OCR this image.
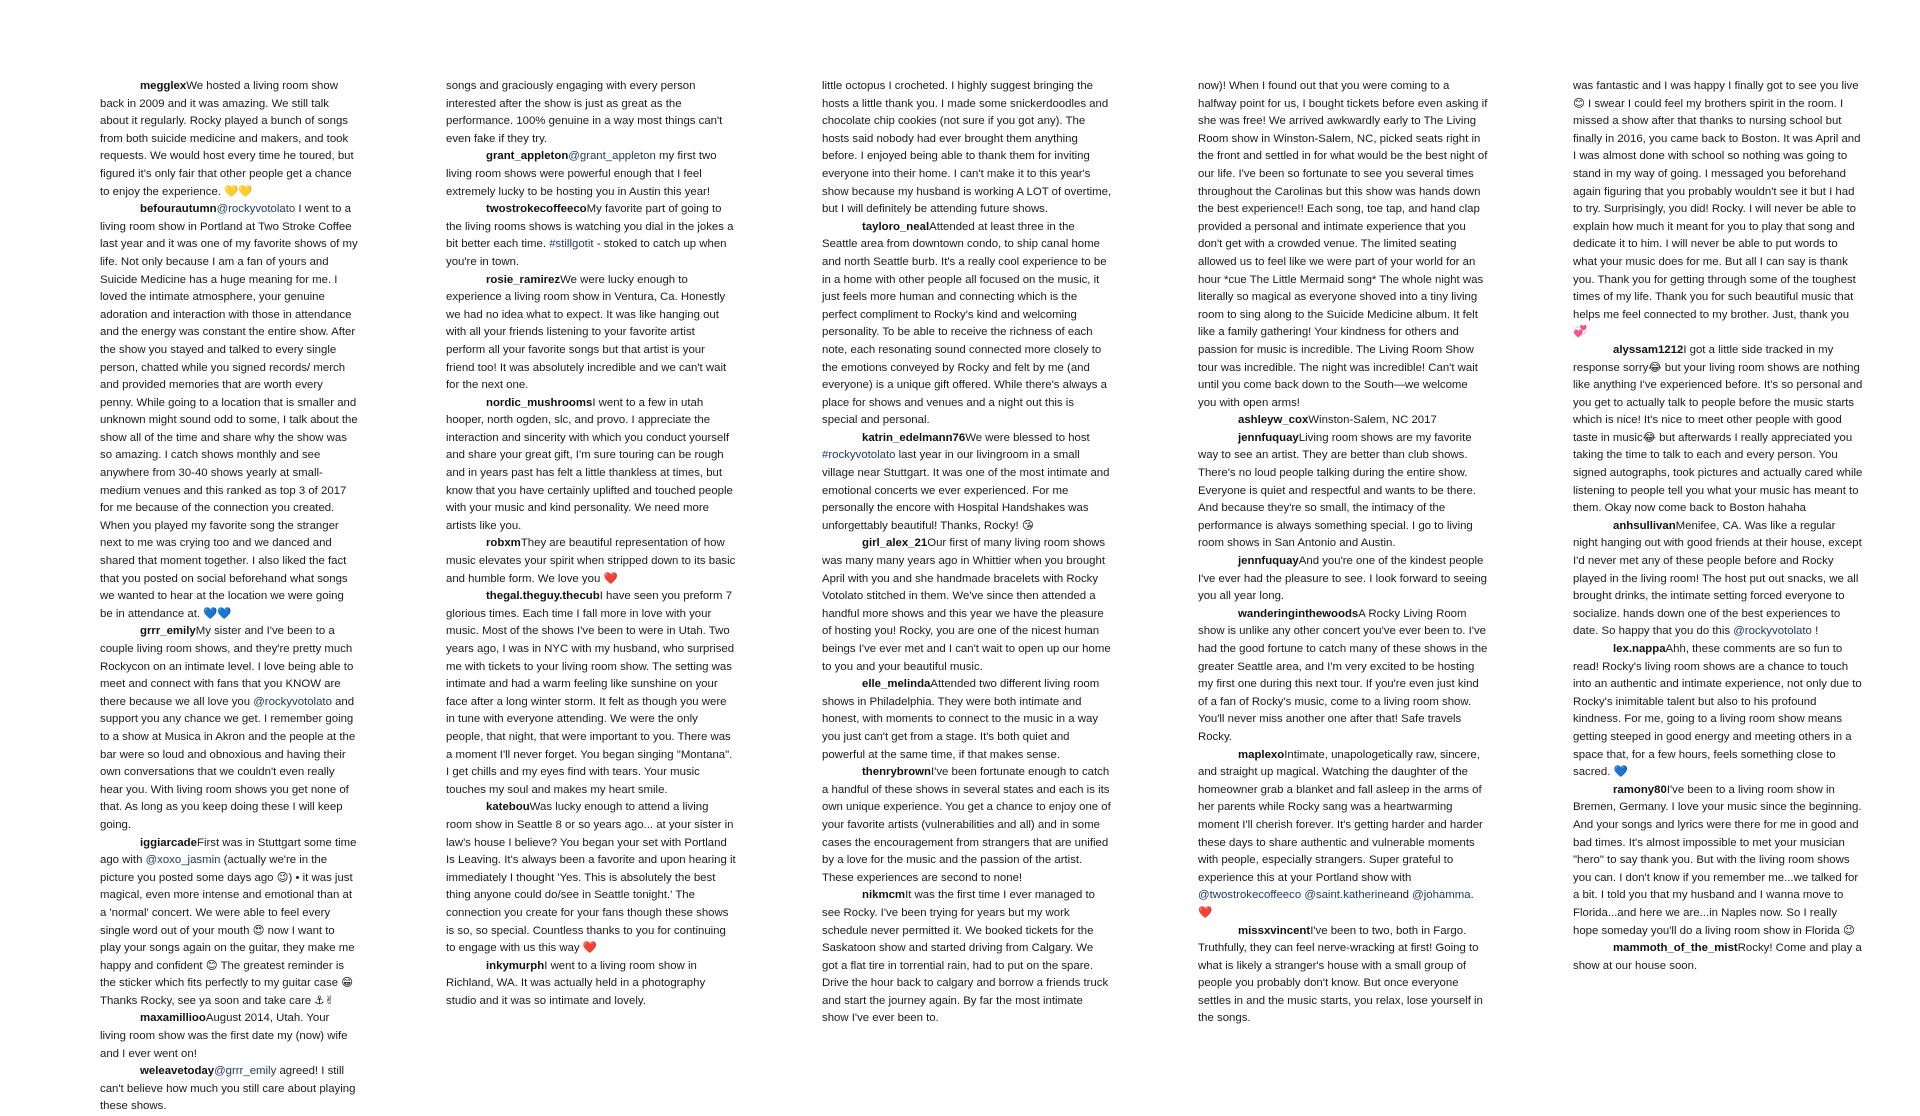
megglexWe hosted a living room show back in 2009 and it was amazing. We still talk about it regularly. Rocky played a bunch of songs from both suicide medicine and makers, and took requests. We would host every time he toured, but figured it's only fair that other people get a chance to enjoy the experience. 💛💛

befourautumn@rockyvotolato I went to a living room show in Portland at Two Stroke Coffee last year and it was one of my favorite shows of my life. Not only because I am a fan of yours and Suicide Medicine has a huge meaning for me. I loved the intimate atmosphere, your genuine adoration and interaction with those in attendance and the energy was constant the entire show. After the show you stayed and talked to every single person, chatted while you signed records/ merch and provided memories that are worth every penny. While going to a location that is smaller and unknown might sound odd to some, I talk about the show all of the time and share why the show was so amazing. I catch shows monthly and see anywhere from 30-40 shows yearly at small-medium venues and this ranked as top 3 of 2017 for me because of the connection you created. When you played my favorite song the stranger next to me was crying too and we danced and shared that moment together. I also liked the fact that you posted on social beforehand what songs we wanted to hear at the location we were going be in attendance at. 💙💙

grrr_emilyMy sister and I've been to a couple living room shows, and they're pretty much Rockycon on an intimate level. I love being able to meet and connect with fans that you KNOW are there because we all love you @rockyvotolato and support you any chance we get. I remember going to a show at Musica in Akron and the people at the bar were so loud and obnoxious and having their own conversations that we couldn't even really hear you. With living room shows you get none of that. As long as you keep doing these I will keep going.

iggiarcadeFirst was in Stuttgart some time ago with @xoxo_jasmin (actually we're in the picture you posted some days ago 😉) • it was just magical, even more intense and emotional than at a 'normal' concert. We were able to feel every single word out of your mouth 😍 now I want to play your songs again on the guitar, they make me happy and confident 😊 The greatest reminder is the sticker which fits perfectly to my guitar case 😁 Thanks Rocky, see ya soon and take care ⚓✌

maxamilliooAugust 2014, Utah. Your living room show was the first date my (now) wife and I ever went on!

weleavetoday@grrr_emily agreed! I still can't believe how much you still care about playing these shows.

songs and graciously engaging with every person interested after the show is just as great as the performance. 100% genuine in a way most things can't even fake if they try.

grant_appleton@grant_appleton my first two living room shows were powerful enough that I feel extremely lucky to be hosting you in Austin this year!

twostrokecoffeecoMy favorite part of going to the living rooms shows is watching you dial in the jokes a bit better each time. #stillgotit - stoked to catch up when you're in town.

rosie_ramirezWe were lucky enough to experience a living room show in Ventura, Ca. Honestly we had no idea what to expect. It was like hanging out with all your friends listening to your favorite artist perform all your favorite songs but that artist is your friend too! It was absolutely incredible and we can't wait for the next one.

nordic_mushroomsI went to a few in utah hooper, north ogden, slc, and provo. I appreciate the interaction and sincerity with which you conduct yourself and share your great gift, I'm sure touring can be rough and in years past has felt a little thankless at times, but know that you have certainly uplifted and touched people with your music and kind personality. We need more artists like you.

robxmThey are beautiful representation of how music elevates your spirit when stripped down to its basic and humble form. We love you ❤️

thegal.theguy.thecubI have seen you preform 7 glorious times. Each time I fall more in love with your music. Most of the shows I've been to were in Utah. Two years ago, I was in NYC with my husband, who surprised me with tickets to your living room show. The setting was intimate and had a warm feeling like sunshine on your face after a long winter storm. It felt as though you were in tune with everyone attending. We were the only people, that night, that were important to you. There was a moment I'll never forget. You began singing "Montana". I get chills and my eyes find with tears. Your music touches my soul and makes my heart smile.

katebouWas lucky enough to attend a living room show in Seattle 8 or so years ago... at your sister in law's house I believe? You began your set with Portland Is Leaving. It's always been a favorite and upon hearing it immediately I thought 'Yes. This is absolutely the best thing anyone could do/see in Seattle tonight.' The connection you create for your fans though these shows is so, so special. Countless thanks to you for continuing to engage with us this way ❤️

inkymurphI went to a living room show in Richland, WA. It was actually held in a photography studio and it was so intimate and lovely.

little octopus I crocheted. I highly suggest bringing the hosts a little thank you. I made some snickerdoodles and chocolate chip cookies (not sure if you got any). The hosts said nobody had ever brought them anything before. I enjoyed being able to thank them for inviting everyone into their home. I can't make it to this year's show because my husband is working A LOT of overtime, but I will definitely be attending future shows.

tayloro_nealAttended at least three in the Seattle area from downtown condo, to ship canal home and north Seattle burb. It's a really cool experience to be in a home with other people all focused on the music, it just feels more human and connecting which is the perfect compliment to Rocky's kind and welcoming personality. To be able to receive the richness of each note, each resonating sound connected more closely to the emotions conveyed by Rocky and felt by me (and everyone) is a unique gift offered. While there's always a place for shows and venues and a night out this is special and personal.

katrin_edelmann76We were blessed to host #rockyvotolato last year in our livingroom in a small village near Stuttgart. It was one of the most intimate and emotional concerts we ever experienced. For me personally the encore with Hospital Handshakes was unforgettably beautiful! Thanks, Rocky! 😘

girl_alex_21Our first of many living room shows was many many years ago in Whittier when you brought April with you and she handmade bracelets with Rocky Votolato stitched in them. We've since then attended a handful more shows and this year we have the pleasure of hosting you! Rocky, you are one of the nicest human beings I've ever met and I can't wait to open up our home to you and your beautiful music.

elle_melindaAttended two different living room shows in Philadelphia. They were both intimate and honest, with moments to connect to the music in a way you just can't get from a stage. It's both quiet and powerful at the same time, if that makes sense.

thenrybrownI've been fortunate enough to catch a handful of these shows in several states and each is its own unique experience. You get a chance to enjoy one of your favorite artists (vulnerabilities and all) and in some cases the encouragement from strangers that are unified by a love for the music and the passion of the artist. These experiences are second to none!

nikmcmIt was the first time I ever managed to see Rocky. I've been trying for years but my work schedule never permitted it. We booked tickets for the Saskatoon show and started driving from Calgary. We got a flat tire in torrential rain, had to put on the spare. Drive the hour back to calgary and borrow a friends truck and start the journey again. By far the most intimate show I've ever been to.

now)! When I found out that you were coming to a halfway point for us, I bought tickets before even asking if she was free! We arrived awkwardly early to The Living Room show in Winston-Salem, NC, picked seats right in the front and settled in for what would be the best night of our life. I've been so fortunate to see you several times throughout the Carolinas but this show was hands down the best experience!! Each song, toe tap, and hand clap provided a personal and intimate experience that you don't get with a crowded venue. The limited seating allowed us to feel like we were part of your world for an hour *cue The Little Mermaid song* The whole night was literally so magical as everyone shoved into a tiny living room to sing along to the Suicide Medicine album. It felt like a family gathering! Your kindness for others and passion for music is incredible. The Living Room Show tour was incredible. The night was incredible! Can't wait until you come back down to the South—we welcome you with open arms!

ashleyw_coxWinston-Salem, NC 2017

jennfuquayLiving room shows are my favorite way to see an artist. They are better than club shows. There's no loud people talking during the entire show. Everyone is quiet and respectful and wants to be there. And because they're so small, the intimacy of the performance is always something special. I go to living room shows in San Antonio and Austin.

jennfuquayAnd you're one of the kindest people I've ever had the pleasure to see. I look forward to seeing you all year long.

wanderinginthewoodsA Rocky Living Room show is unlike any other concert you've ever been to. I've had the good fortune to catch many of these shows in the greater Seattle area, and I'm very excited to be hosting my first one during this next tour. If you're even just kind of a fan of Rocky's music, come to a living room show. You'll never miss another one after that! Safe travels Rocky.

maplexoIntimate, unapologetically raw, sincere, and straight up magical. Watching the daughter of the homeowner grab a blanket and fall asleep in the arms of her parents while Rocky sang was a heartwarming moment I'll cherish forever. It's getting harder and harder these days to share authentic and vulnerable moments with people, especially strangers. Super grateful to experience this at your Portland show with @twostrokecoffeeco @saint.katherineand @johamma. ❤️

missxvincentI've been to two, both in Fargo. Truthfully, they can feel nerve-wracking at first! Going to what is likely a stranger's house with a small group of people you probably don't know. But once everyone settles in and the music starts, you relax, lose yourself in the songs.

was fantastic and I was happy I finally got to see you live 😊 I swear I could feel my brothers spirit in the room. I missed a show after that thanks to nursing school but finally in 2016, you came back to Boston. It was April and I was almost done with school so nothing was going to stand in my way of going. I messaged you beforehand again figuring that you probably wouldn't see it but I had to try. Surprisingly, you did! Rocky. I will never be able to explain how much it meant for you to play that song and dedicate it to him. I will never be able to put words to what your music does for me. But all I can say is thank you. Thank you for getting through some of the toughest times of my life. Thank you for such beautiful music that helps me feel connected to my brother. Just, thank you 💞

alyssam1212I got a little side tracked in my response sorry😂 but your living room shows are nothing like anything I've experienced before. It's so personal and you get to actually talk to people before the music starts which is nice! It's nice to meet other people with good taste in music😂 but afterwards I really appreciated you taking the time to talk to each and every person. You signed autographs, took pictures and actually cared while listening to people tell you what your music has meant to them. Okay now come back to Boston hahaha

anhsullivanMenifee, CA. Was like a regular night hanging out with good friends at their house, except I'd never met any of these people before and Rocky played in the living room! The host put out snacks, we all brought drinks, the intimate setting forced everyone to socialize. hands down one of the best experiences to date. So happy that you do this @rockyvotolato !

lex.nappaAhh, these comments are so fun to read! Rocky's living room shows are a chance to touch into an authentic and intimate experience, not only due to Rocky's inimitable talent but also to his profound kindness. For me, going to a living room show means getting steeped in good energy and meeting others in a space that, for a few hours, feels something close to sacred. 💙

ramony80I've been to a living room show in Bremen, Germany. I love your music since the beginning. And your songs and lyrics were there for me in good and bad times. It's almost impossible to met your musician "hero" to say thank you. But with the living room shows you can. I don't know if you remember me...we talked for a bit. I told you that my husband and I wanna move to Florida...and here we are...in Naples now. So I really hope someday you'll do a living room show in Florida 😉

mammoth_of_the_mistRocky! Come and play a show at our house soon.
